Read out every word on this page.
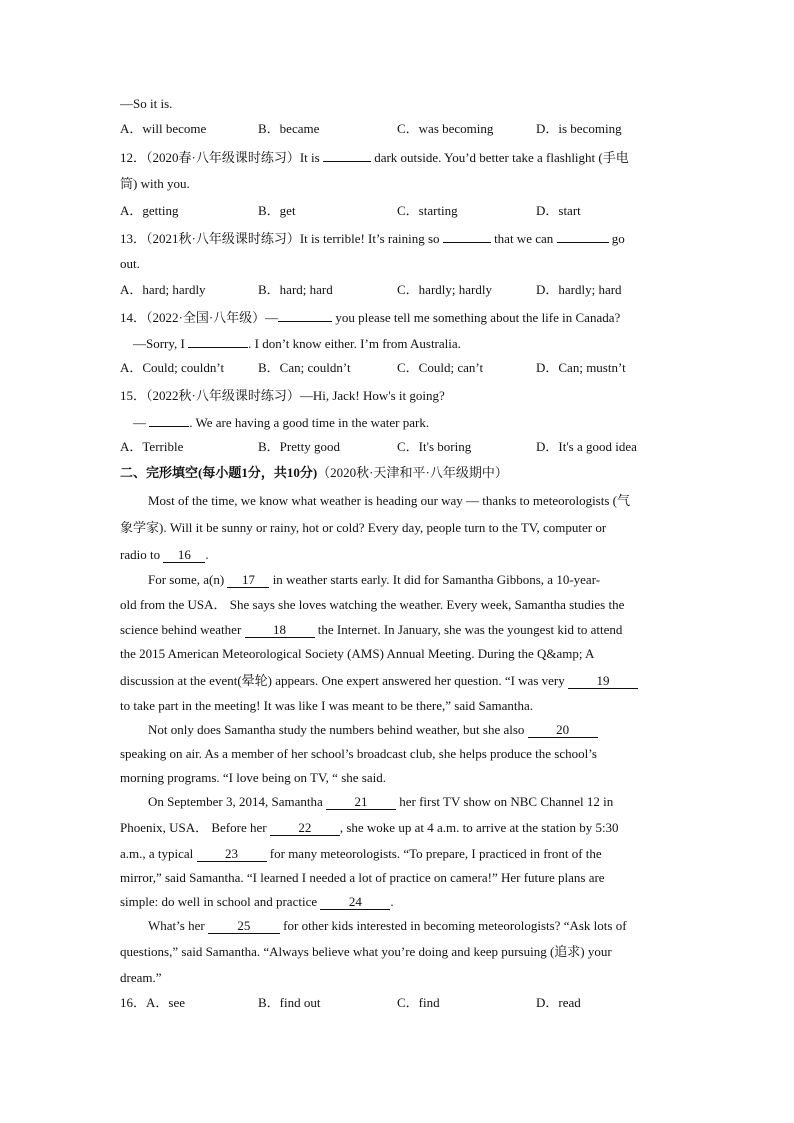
—So it is.
A．will become	B．became	C．was becoming	D．is becoming
12．（2020春·八年级课时练习）It is	dark outside. You’d better take a flashlight (手电
筒) with you.
A．getting	B．get	C．starting	D．start
13．（2021秋·八年级课时练习）It is terrible! It’s raining so	that we can	go
out.
A．hard; hardly	B．hard; hard	C．hardly; hardly	D．hardly; hard
14．（2022·全国·八年级）—	you please tell me something about the life in Canada?
—Sorry, I	. I don’t know either. I’m from Australia.
A．Could; couldn’t	B．Can; couldn’t	C．Could; can’t	D．Can; mustn’t
15．（2022秋·八年级课时练习）—Hi, Jack! How's it going?
—	. We are having a good time in the water park.
A．Terrible	B．Pretty good	C．It's boring	D．It's a good idea
二、完形填空(每小题1分，共10分)（2020秋·天津和平·八年级期中）
Most of the time, we know what weather is heading our way — thanks to meteorologists (气
象学家). Will it be sunny or rainy, hot or cold? Every day, people turn to the TV, computer or
radio to 16 .
For some, a(n) 17 in weather starts early. It did for Samantha Gibbons, a 10-year-
old from the USA． She says she loves watching the weather. Every week, Samantha studies the
science behind weather 18 the Internet. In January, she was the youngest kid to attend
the 2015 American Meteorological Society (AMS) Annual Meeting. During the Q&amp; A
discussion at the event(晕轮) appears. One expert answered her question. “I was very 19
to take part in the meeting! It was like I was meant to be there,” said Samantha.
Not only does Samantha study the numbers behind weather, but she also 20
speaking on air. As a member of her school’s broadcast club, she helps produce the school’s
morning programs. “I love being on TV, “ she said.
On September 3, 2014, Samantha 21 her first TV show on NBC Channel 12 in
Phoenix, USA． Before her 22 , she woke up at 4 a.m. to arrive at the station by 5:30
a.m., a typical 23 for many meteorologists. “To prepare, I practiced in front of the
mirror,” said Samantha. “I learned I needed a lot of practice on camera!” Her future plans are
simple: do well in school and practice 24 .
What’s her 25 for other kids interested in becoming meteorologists? “Ask lots of
questions,” said Samantha. “Always believe what you’re doing and keep pursuing (追求) your
dream.”
16．A．see	B．find out	C．find	D．read
